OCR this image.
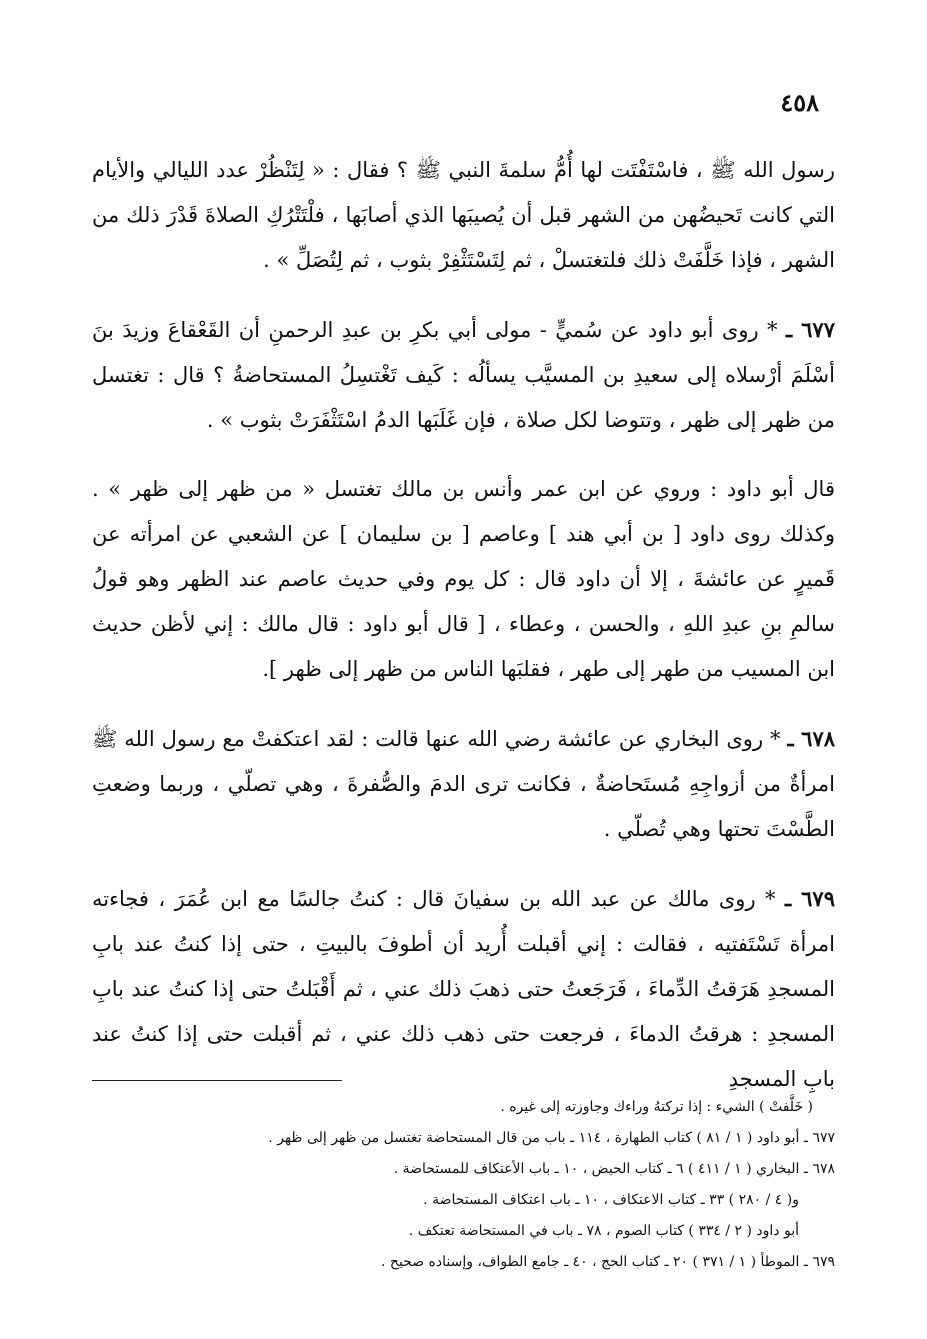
٤٥٨

رسول الله ﷺ ، فاسْتَفْتَت لها أُمُّ سلمةَ النبي ﷺ ؟ فقال : « لِتَنْظُرْ عدد الليالي والأيام التي كانت تَحيضُهن من الشهر قبل أن يُصيبَها الذي أصابَها ، فلْتَتْرُكِ الصلاةَ قَدْرَ ذلك من الشهر ، فإذا خَلَّفَتْ ذلك فلتغتسلْ ، ثم لِتَسْتَثْفِرْ بثوب ، ثم لِتُصَلِّ » .

٦٧٧ ـ * روى أبو داود عن سُميٍّ - مولى أبي بكرِ بن عبدِ الرحمنِ أن القَعْقاعَ وزيدَ بنَ أسْلَمَ أرْسلاه إلى سعيدِ بن المسيَّب يسألُه : كَيف تَغْتسِلُ المستحاضةُ ؟ قال : تغتسل من ظهر إلى ظهر ، وتتوضا لكل صلاة ، فإن غَلَبَها الدمُ اسْتَثْفَرَتْ بثوب » .

قال أبو داود : وروي عن ابن عمر وأنس بن مالك تغتسل « من ظهر إلى ظهر » . وكذلك روى داود [ بن أبي هند ] وعاصم [ بن سليمان ] عن الشعبي عن امرأته عن قَميرٍ عن عائشةَ ، إلا أن داود قال : كل يوم وفي حديث عاصم عند الظهر وهو قولُ سالمِ بنِ عبدِ اللهِ ، والحسن ، وعطاء ، [ قال أبو داود : قال مالك : إني لأظن حديث ابن المسيب من طهر إلى طهر ، فقلبَها الناس من ظهر إلى ظهر ].

٦٧٨ ـ * روى البخاري عن عائشة رضي الله عنها قالت : لقد اعتكفتْ مع رسول الله ﷺ امرأةٌ من أزواجِهِ مُستَحاضةٌ ، فكانت ترى الدمَ والصُّفرةَ ، وهي تصلّي ، وربما وضعتِ الطَّسْتَ تحتها وهي تُصلّي .

٦٧٩ ـ * روى مالك عن عبد الله بن سفيانَ قال : كنتُ جالسًا مع ابن عُمَرَ ، فجاءته امرأة تَسْتَفتيه ، فقالت : إني أقبلت أُريد أن أطوفَ بالبيتِ ، حتى إذا كنتُ عند بابِ المسجدِ هَرَقتُ الدِّماءَ ، فَرَجَعتُ حتى ذهبَ ذلك عني ، ثم أَقْبَلتُ حتى إذا كنتُ عند بابِ المسجدِ : هرقتُ الدماءَ ، فرجعت حتى ذهب ذلك عني ، ثم أقبلت حتى إذا كنتُ عند بابِ المسجدِ

( خَلَّفتْ ) الشيء : إذا تركتهُ وراءك وجاوزته إلى غيره .

٦٧٧ ـ أبو داود ( ١ / ٨١ ) كتاب الطهارة ، ١١٤ ـ باب من قال المستحاضة تغتسل من ظهر إلى ظهر .

٦٧٨ ـ البخاري ( ١ / ٤١١ ) ٦ ـ كتاب الحيض ، ١٠ ـ باب الأعتكاف للمستحاضة .

و( ٤ / ٢٨٠ ) ٣٣ ـ كتاب الاعتكاف ، ١٠ ـ باب اعتكاف المستحاضة .

أبو داود ( ٢ / ٣٣٤ ) كتاب الصوم ، ٧٨ ـ باب في المستحاضة تعتكف .

٦٧٩ ـ الموطأ ( ١ / ٣٧١ ) ٢٠ ـ كتاب الحج ، ٤٠ ـ جامع الطواف، وإسناده صحيح .
